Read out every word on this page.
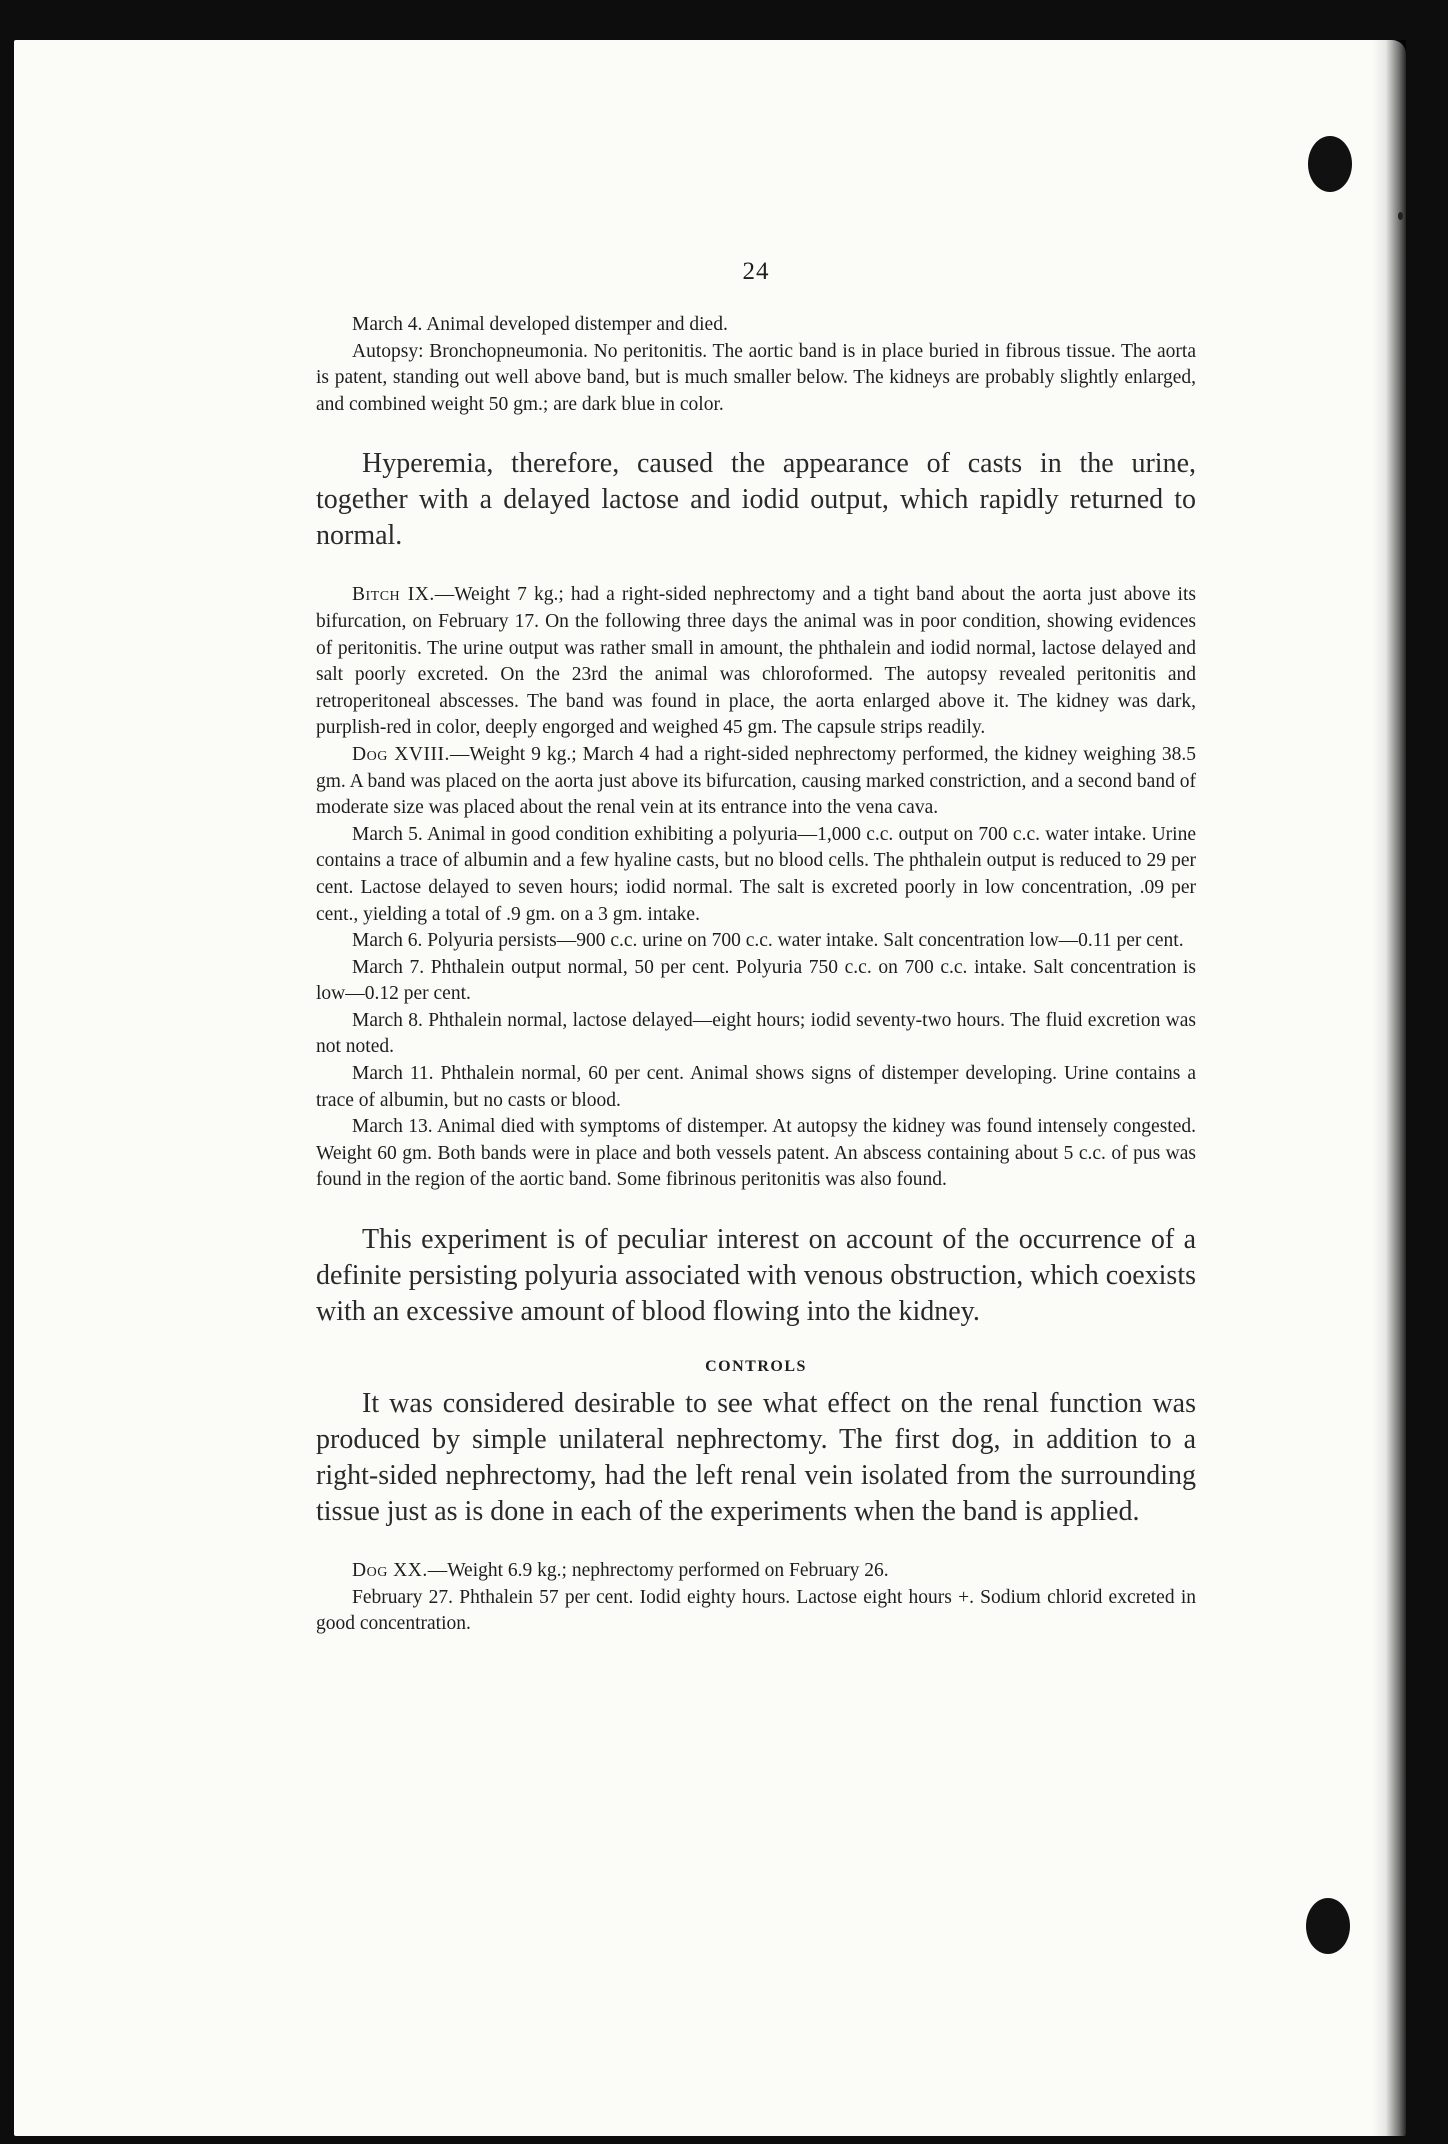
24

March 4. Animal developed distemper and died.

Autopsy: Bronchopneumonia. No peritonitis. The aortic band is in place buried in fibrous tissue. The aorta is patent, standing out well above band, but is much smaller below. The kidneys are probably slightly enlarged, and combined weight 50 gm.; are dark blue in color.

Hyperemia, therefore, caused the appearance of casts in the urine, together with a delayed lactose and iodid output, which rapidly returned to normal.

Bitch IX.—Weight 7 kg.; had a right-sided nephrectomy and a tight band about the aorta just above its bifurcation, on February 17. On the following three days the animal was in poor condition, showing evidences of peritonitis. The urine output was rather small in amount, the phthalein and iodid normal, lactose delayed and salt poorly excreted. On the 23rd the animal was chloroformed. The autopsy revealed peritonitis and retroperitoneal abscesses. The band was found in place, the aorta enlarged above it. The kidney was dark, purplish-red in color, deeply engorged and weighed 45 gm. The capsule strips readily.

Dog XVIII.—Weight 9 kg.; March 4 had a right-sided nephrectomy performed, the kidney weighing 38.5 gm. A band was placed on the aorta just above its bifurcation, causing marked constriction, and a second band of moderate size was placed about the renal vein at its entrance into the vena cava.

March 5. Animal in good condition exhibiting a polyuria—1,000 c.c. output on 700 c.c. water intake. Urine contains a trace of albumin and a few hyaline casts, but no blood cells. The phthalein output is reduced to 29 per cent. Lactose delayed to seven hours; iodid normal. The salt is excreted poorly in low concentration, .09 per cent., yielding a total of .9 gm. on a 3 gm. intake.

March 6. Polyuria persists—900 c.c. urine on 700 c.c. water intake. Salt concentration low—0.11 per cent.

March 7. Phthalein output normal, 50 per cent. Polyuria 750 c.c. on 700 c.c. intake. Salt concentration is low—0.12 per cent.

March 8. Phthalein normal, lactose delayed—eight hours; iodid seventy-two hours. The fluid excretion was not noted.

March 11. Phthalein normal, 60 per cent. Animal shows signs of distemper developing. Urine contains a trace of albumin, but no casts or blood.

March 13. Animal died with symptoms of distemper. At autopsy the kidney was found intensely congested. Weight 60 gm. Both bands were in place and both vessels patent. An abscess containing about 5 c.c. of pus was found in the region of the aortic band. Some fibrinous peritonitis was also found.

This experiment is of peculiar interest on account of the occurrence of a definite persisting polyuria associated with venous obstruction, which coexists with an excessive amount of blood flowing into the kidney.

CONTROLS

It was considered desirable to see what effect on the renal function was produced by simple unilateral nephrectomy. The first dog, in addition to a right-sided nephrectomy, had the left renal vein isolated from the surrounding tissue just as is done in each of the experiments when the band is applied.

Dog XX.—Weight 6.9 kg.; nephrectomy performed on February 26.

February 27. Phthalein 57 per cent. Iodid eighty hours. Lactose eight hours +. Sodium chlorid excreted in good concentration.
